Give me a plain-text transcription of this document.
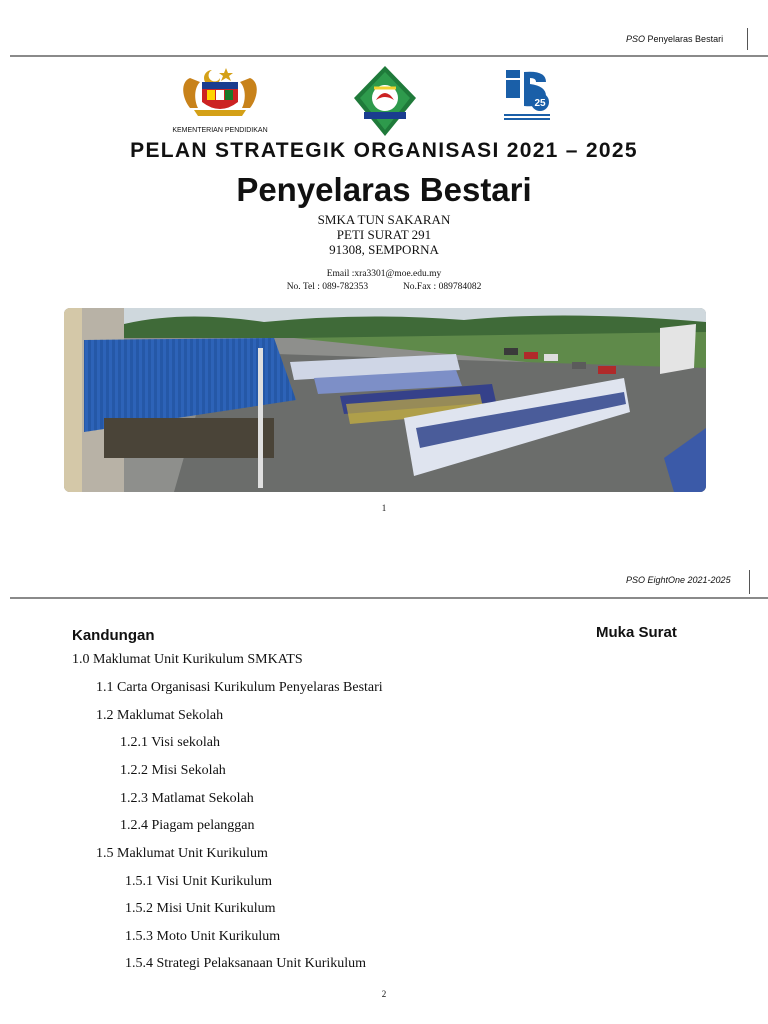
PSO Penyelaras Bestari
KEMENTERIAN PENDIDIKAN
25
PELAN STRATEGIK ORGANISASI 2021 – 2025
Penyelaras Bestari
SMKA TUN SAKARAN
PETI SURAT 291
91308, SEMPORNA
Email :xra3301@moe.edu.my
No. Tel : 089-782353	No.Fax : 089784082
1
PSO EightOne 2021-2025
Kandungan	Muka Surat
1.0 Maklumat Unit Kurikulum SMKATS
1.1 Carta Organisasi Kurikulum Penyelaras Bestari
1.2 Maklumat Sekolah
1.2.1 Visi sekolah
1.2.2 Misi Sekolah
1.2.3 Matlamat Sekolah
1.2.4 Piagam pelanggan
1.5 Maklumat Unit Kurikulum
1.5.1 Visi Unit Kurikulum
1.5.2 Misi Unit Kurikulum
1.5.3 Moto Unit Kurikulum
1.5.4 Strategi Pelaksanaan Unit Kurikulum
2
